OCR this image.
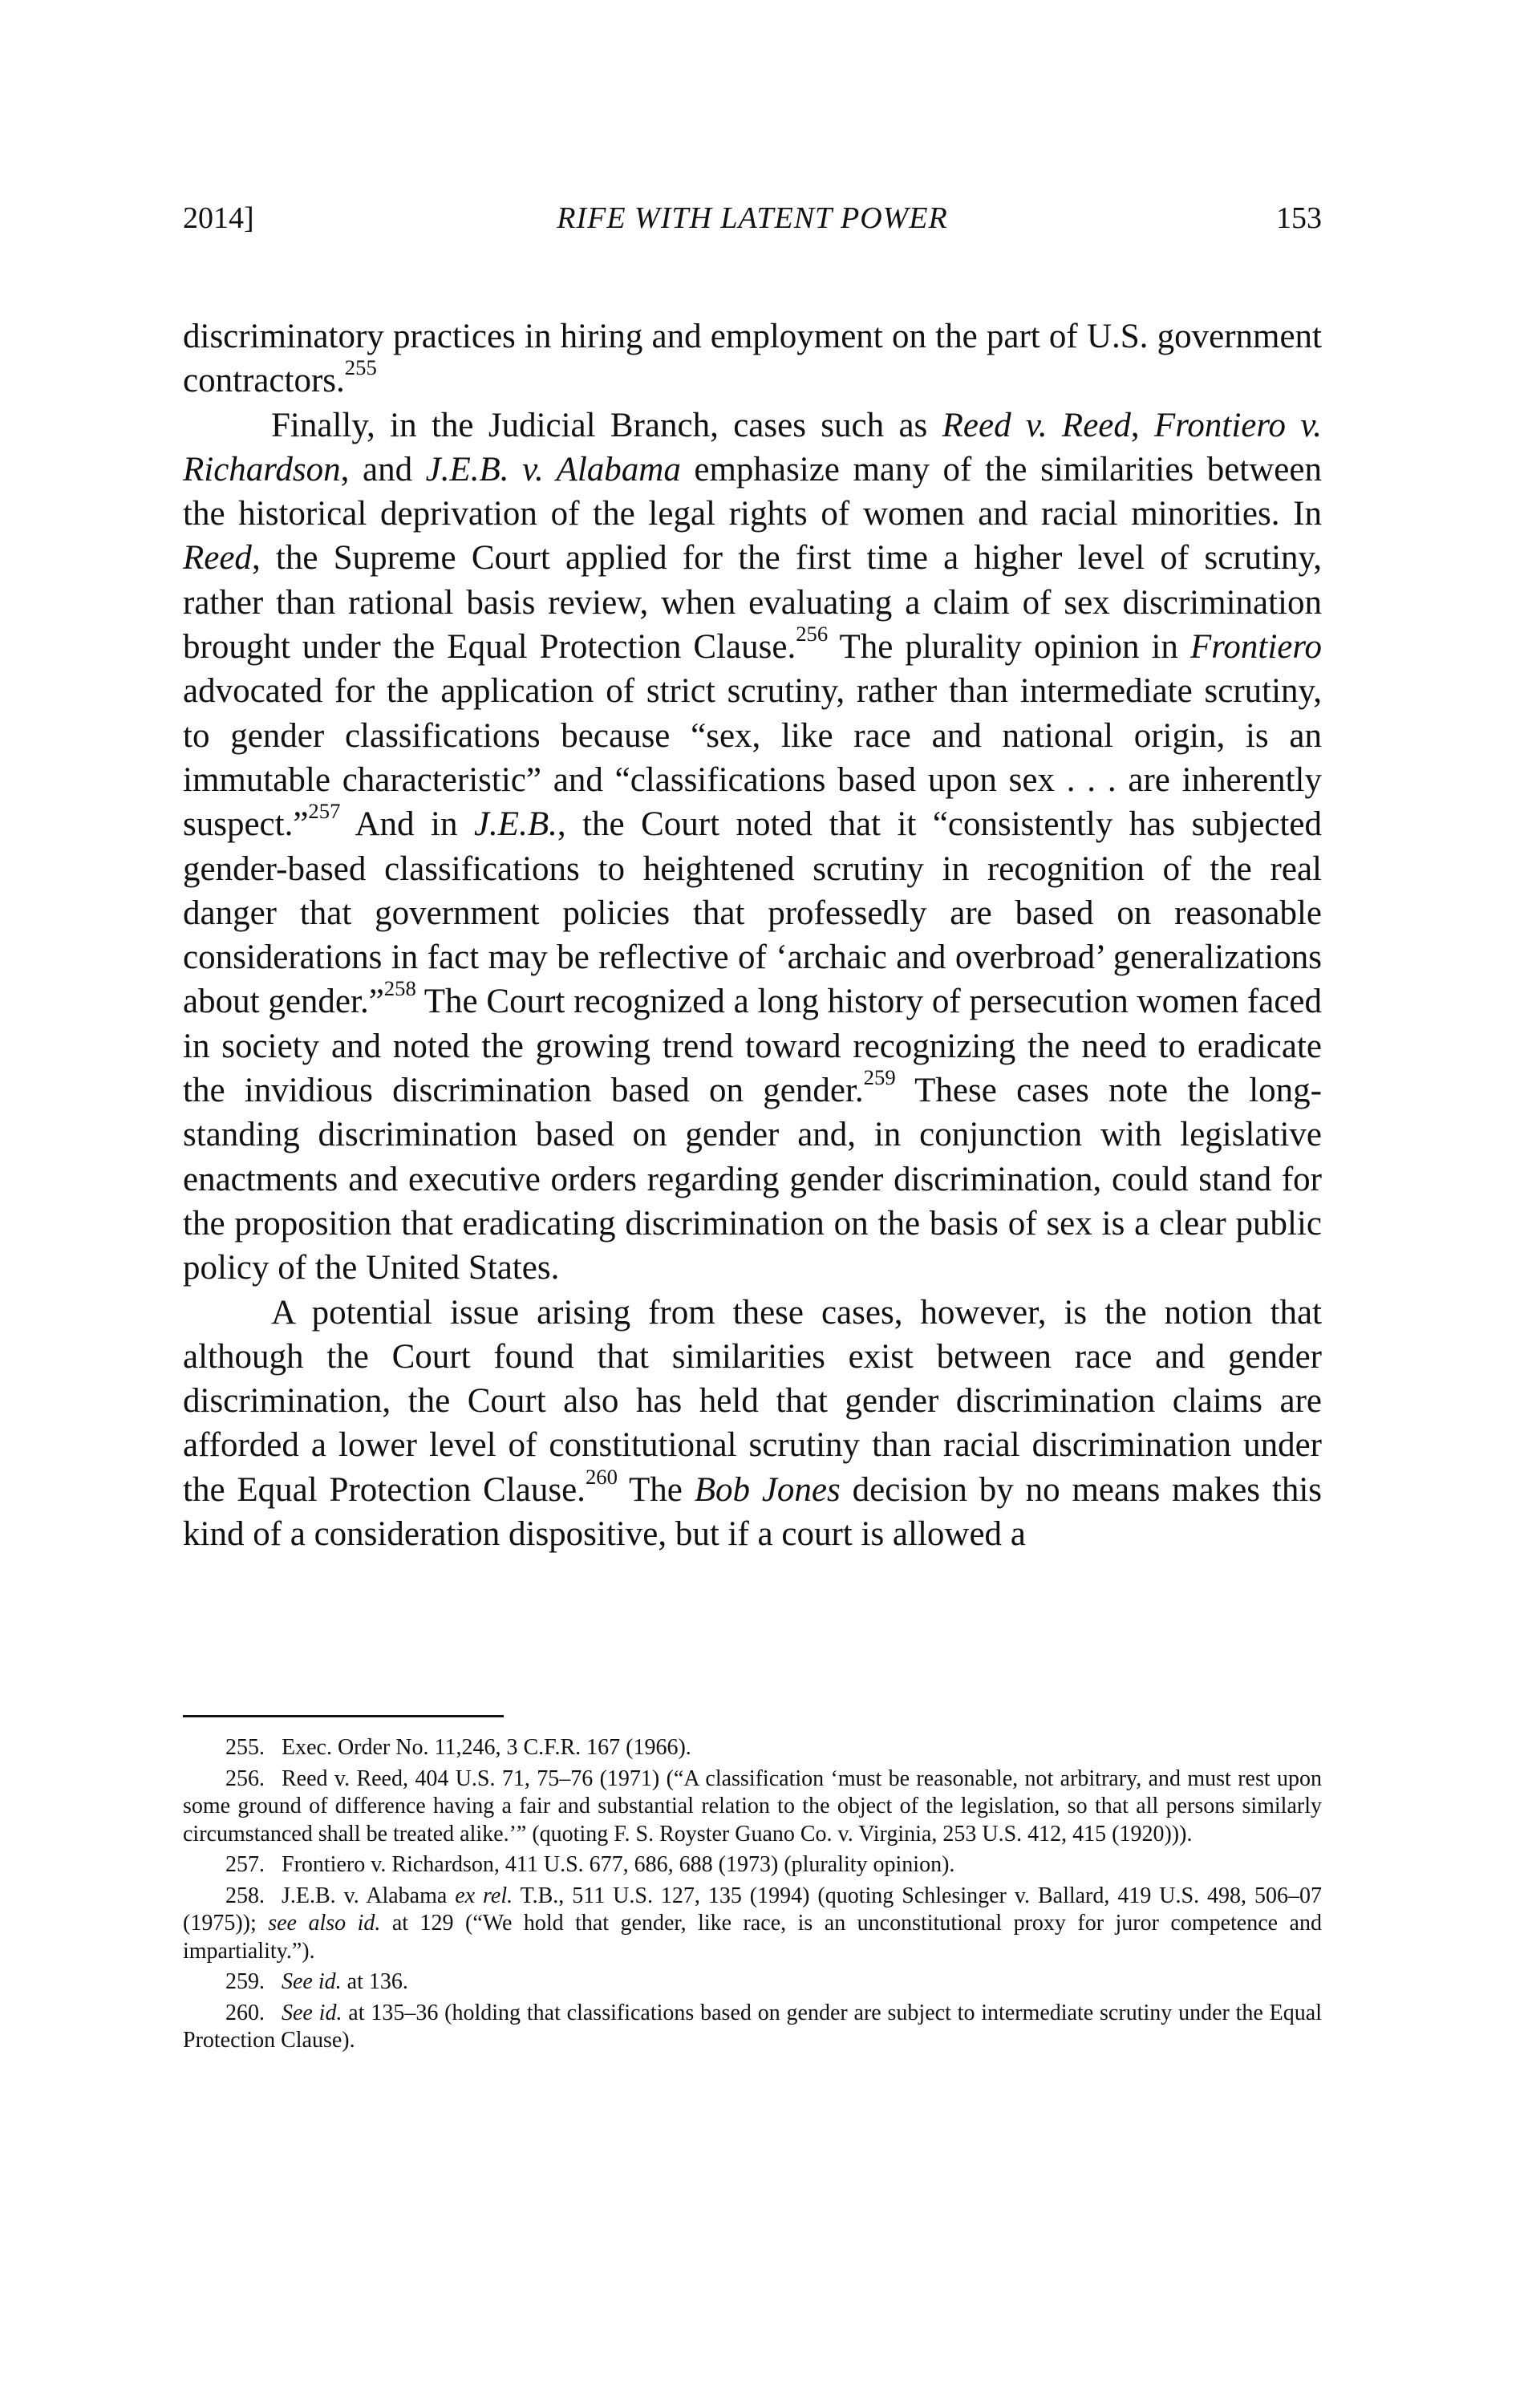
2014]	RIFE WITH LATENT POWER	153

discriminatory practices in hiring and employment on the part of U.S. government contractors.$^{255}$

Finally, in the Judicial Branch, cases such as Reed v. Reed, Frontiero v. Richardson, and J.E.B. v. Alabama emphasize many of the similarities between the historical deprivation of the legal rights of women and racial minorities. In Reed, the Supreme Court applied for the first time a higher level of scrutiny, rather than rational basis review, when evaluating a claim of sex discrimination brought under the Equal Protection Clause.$^{256}$ The plurality opinion in Frontiero advocated for the application of strict scrutiny, rather than intermediate scrutiny, to gender classifications because “sex, like race and national origin, is an immutable characteristic” and “classifications based upon sex . . . are inherently suspect.”$^{257}$ And in J.E.B., the Court noted that it “consistently has subjected gender-based classifications to heightened scrutiny in recognition of the real danger that government policies that professedly are based on reasonable considerations in fact may be reflective of ‘archaic and overbroad’ generalizations about gender.”$^{258}$ The Court recognized a long history of persecution women faced in society and noted the growing trend toward recognizing the need to eradicate the invidious discrimination based on gender.$^{259}$ These cases note the long-standing discrimination based on gender and, in conjunction with legislative enactments and executive orders regarding gender discrimination, could stand for the proposition that eradicating discrimination on the basis of sex is a clear public policy of the United States.

A potential issue arising from these cases, however, is the notion that although the Court found that similarities exist between race and gender discrimination, the Court also has held that gender discrimination claims are afforded a lower level of constitutional scrutiny than racial discrimination under the Equal Protection Clause.$^{260}$ The Bob Jones decision by no means makes this kind of a consideration dispositive, but if a court is allowed a

255. Exec. Order No. 11,246, 3 C.F.R. 167 (1966).

256. Reed v. Reed, 404 U.S. 71, 75–76 (1971) (“A classification ‘must be reasonable, not arbitrary, and must rest upon some ground of difference having a fair and substantial relation to the object of the legislation, so that all persons similarly circumstanced shall be treated alike.’” (quoting F. S. Royster Guano Co. v. Virginia, 253 U.S. 412, 415 (1920))).

257. Frontiero v. Richardson, 411 U.S. 677, 686, 688 (1973) (plurality opinion).

258. J.E.B. v. Alabama ex rel. T.B., 511 U.S. 127, 135 (1994) (quoting Schlesinger v. Ballard, 419 U.S. 498, 506–07 (1975)); see also id. at 129 (“We hold that gender, like race, is an unconstitutional proxy for juror competence and impartiality.”).

259. See id. at 136.

260. See id. at 135–36 (holding that classifications based on gender are subject to intermediate scrutiny under the Equal Protection Clause).
